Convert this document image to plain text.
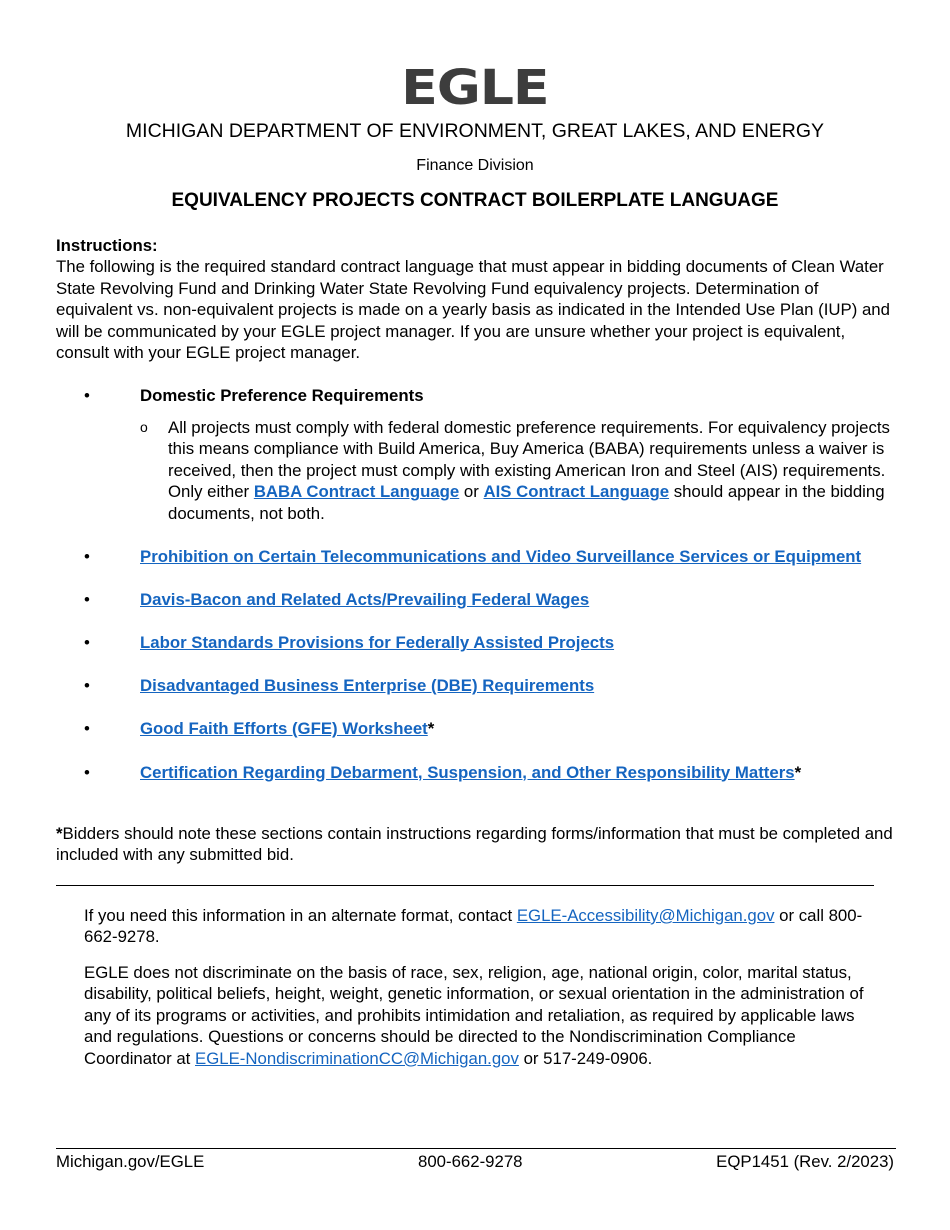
EGLE
MICHIGAN DEPARTMENT OF ENVIRONMENT, GREAT LAKES, AND ENERGY
Finance Division
EQUIVALENCY PROJECTS CONTRACT BOILERPLATE LANGUAGE
Instructions:
The following is the required standard contract language that must appear in bidding documents of Clean Water State Revolving Fund and Drinking Water State Revolving Fund equivalency projects. Determination of equivalent vs. non-equivalent projects is made on a yearly basis as indicated in the Intended Use Plan (IUP) and will be communicated by your EGLE project manager. If you are unsure whether your project is equivalent, consult with your EGLE project manager.
•	Domestic Preference Requirements
o All projects must comply with federal domestic preference requirements. For equivalency projects this means compliance with Build America, Buy America (BABA) requirements unless a waiver is received, then the project must comply with existing American Iron and Steel (AIS) requirements. Only either BABA Contract Language or AIS Contract Language should appear in the bidding documents, not both.
•	Prohibition on Certain Telecommunications and Video Surveillance Services or Equipment
•	Davis-Bacon and Related Acts/Prevailing Federal Wages
•	Labor Standards Provisions for Federally Assisted Projects
•	Disadvantaged Business Enterprise (DBE) Requirements
•	Good Faith Efforts (GFE) Worksheet*
•	Certification Regarding Debarment, Suspension, and Other Responsibility Matters*
*Bidders should note these sections contain instructions regarding forms/information that must be completed and included with any submitted bid.
If you need this information in an alternate format, contact EGLE-Accessibility@Michigan.gov or call 800-662-9278.
EGLE does not discriminate on the basis of race, sex, religion, age, national origin, color, marital status, disability, political beliefs, height, weight, genetic information, or sexual orientation in the administration of any of its programs or activities, and prohibits intimidation and retaliation, as required by applicable laws and regulations. Questions or concerns should be directed to the Nondiscrimination Compliance Coordinator at EGLE-NondiscriminationCC@Michigan.gov or 517-249-0906.
Michigan.gov/EGLE	800-662-9278	EQP1451 (Rev. 2/2023)
